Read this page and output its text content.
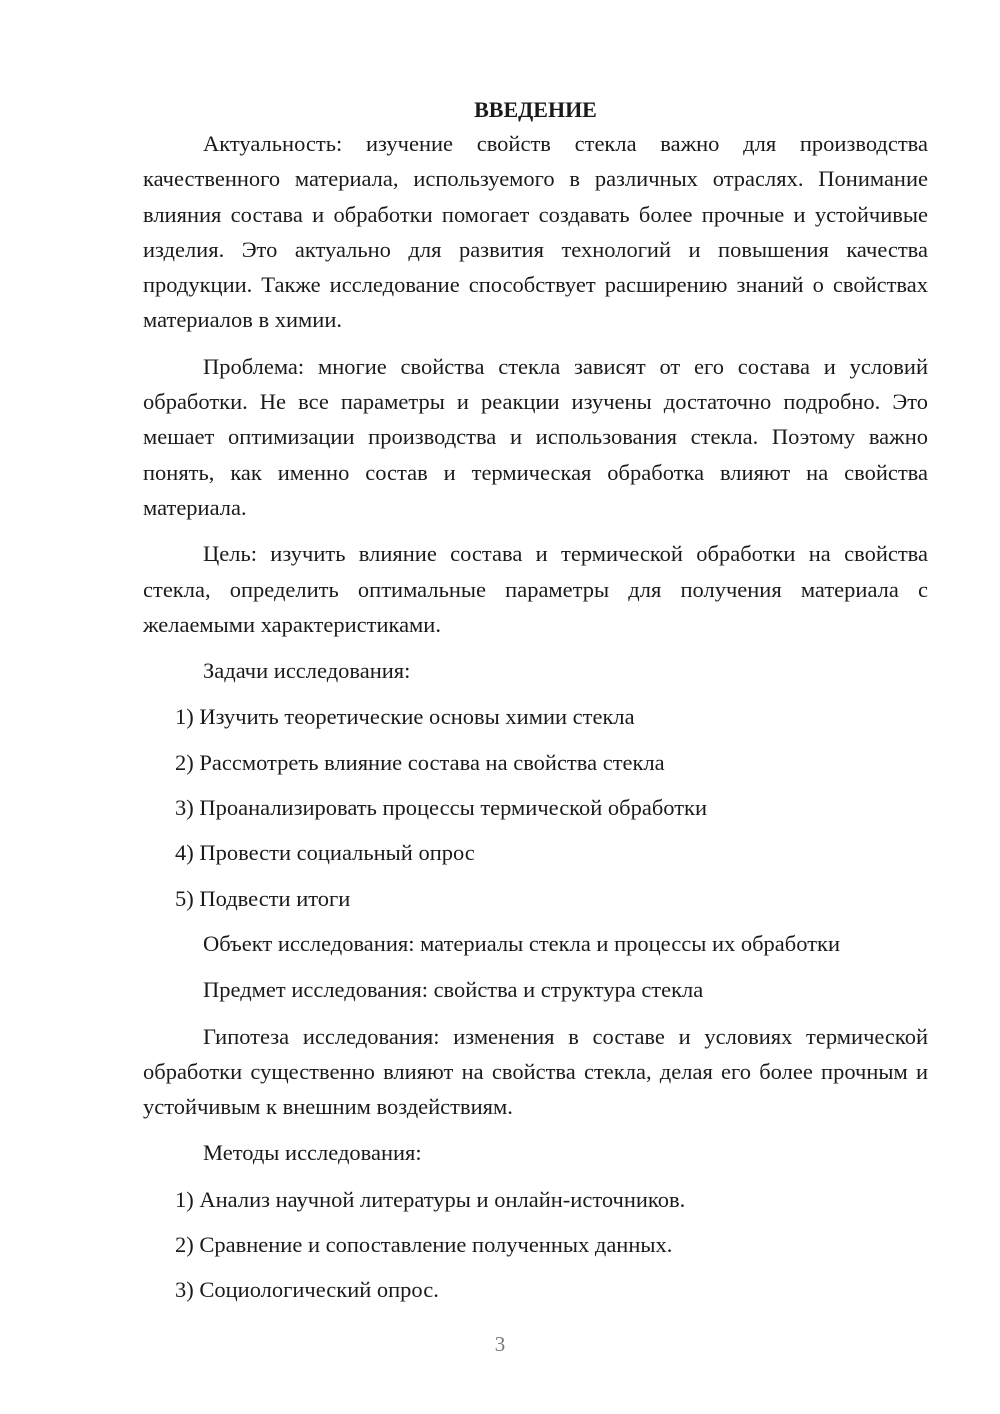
ВВЕДЕНИЕ

Актуальность: изучение свойств стекла важно для производства качественного материала, используемого в различных отраслях. Понимание влияния состава и обработки помогает создавать более прочные и устойчивые изделия. Это актуально для развития технологий и повышения качества продукции. Также исследование способствует расширению знаний о свойствах материалов в химии.

Проблема: многие свойства стекла зависят от его состава и условий обработки. Не все параметры и реакции изучены достаточно подробно. Это мешает оптимизации производства и использования стекла. Поэтому важно понять, как именно состав и термическая обработка влияют на свойства материала.

Цель: изучить влияние состава и термической обработки на свойства стекла, определить оптимальные параметры для получения материала с желаемыми характеристиками.

Задачи исследования:

1) Изучить теоретические основы химии стекла
2) Рассмотреть влияние состава на свойства стекла
3) Проанализировать процессы термической обработки
4) Провести социальный опрос
5) Подвести итоги

Объект исследования: материалы стекла и процессы их обработки

Предмет исследования: свойства и структура стекла

Гипотеза исследования: изменения в составе и условиях термической обработки существенно влияют на свойства стекла, делая его более прочным и устойчивым к внешним воздействиям.

Методы исследования:

1) Анализ научной литературы и онлайн-источников.
2) Сравнение и сопоставление полученных данных.
3) Социологический опрос.
3
